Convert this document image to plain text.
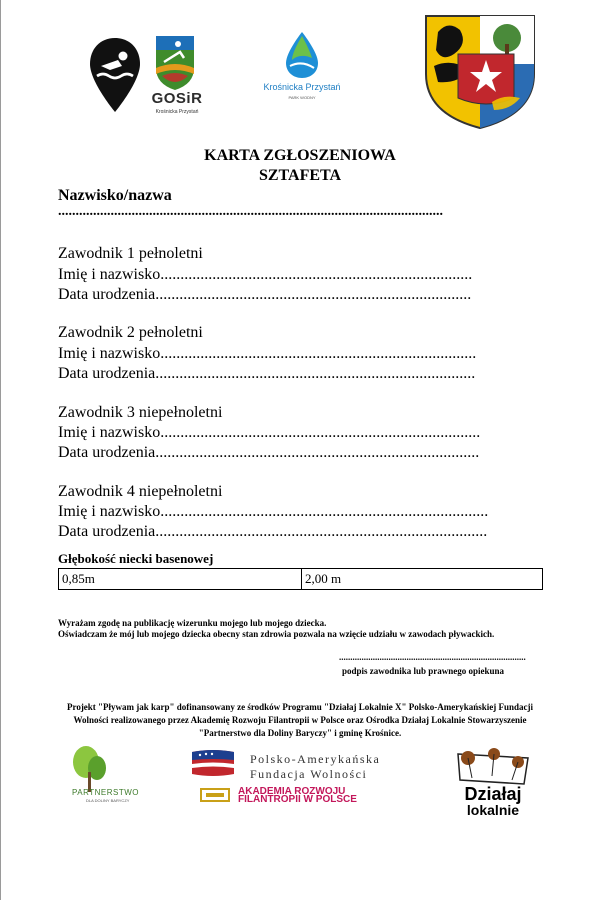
GOSiR
Krośnicka Przystań
Krośnicka Przystań
PARK WODNY
KARTA ZGŁOSZENIOWA
SZTAFETA
Nazwisko/nazwa
..............................................................................................................
Zawodnik 1 pełnoletni
Imię i nazwisko..............................................................................
Data urodzenia...............................................................................
Zawodnik 2 pełnoletni
Imię i nazwisko...............................................................................
Data urodzenia................................................................................
Zawodnik 3 niepełnoletni
Imię i nazwisko................................................................................
Data urodzenia.................................................................................
Zawodnik 4 niepełnoletni
Imię i nazwisko..................................................................................
Data urodzenia...................................................................................
Głębokość niecki basenowej
0,85m	2,00 m
Wyrażam zgodę na publikację wizerunku mojego lub mojego dziecka.
Oświadczam że mój lub mojego dziecka obecny stan zdrowia pozwala na wzięcie udziału w zawodach pływackich.
...................................................................................
podpis zawodnika lub prawnego opiekuna
Projekt "Pływam jak karp" dofinansowany ze środków Programu "Działaj Lokalnie X" Polsko-Amerykańskiej Fundacji Wolności realizowanego przez Akademię Rozwoju Filantropii w Polsce oraz Ośrodka Działaj Lokalnie Stowarzyszenie "Partnerstwo dla Doliny Baryczy" i gminę Krośnice.
PARTNERSTWO
DLA DOLINY BARYCZY
Polsko-Amerykańska
Fundacja Wolności
AKADEMIA ROZWOJU
FILANTROPII W POLSCE	Działaj
lokalnie
